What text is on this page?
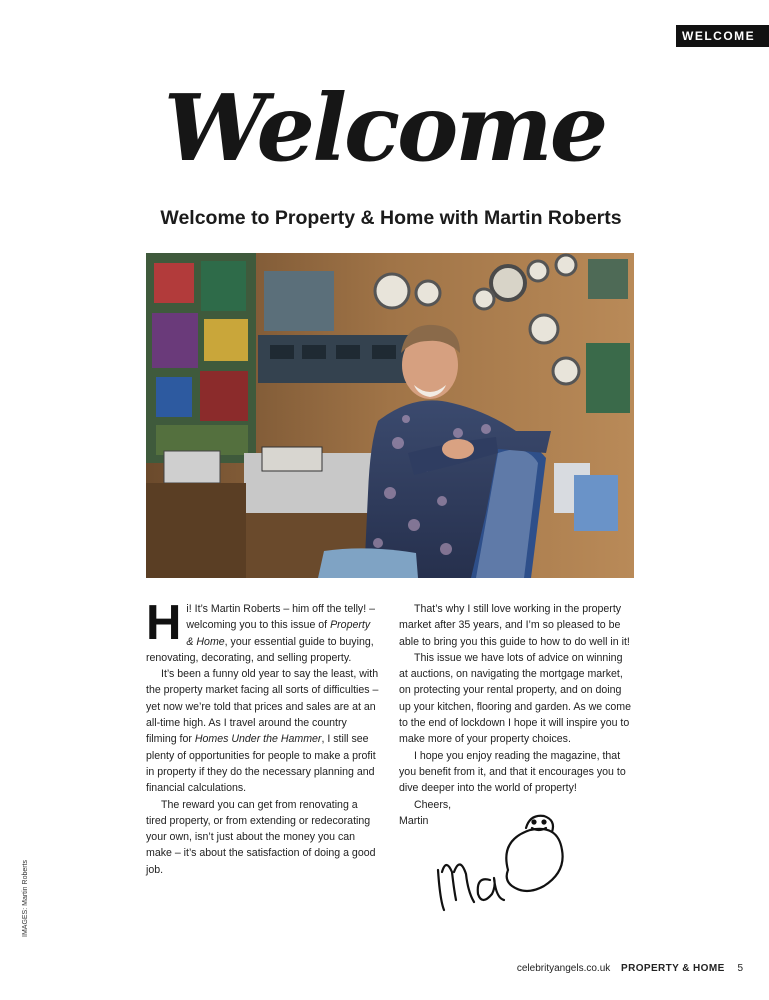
WELCOME
Welcome
Welcome to Property & Home with Martin Roberts

Hi! It’s Martin Roberts – him off the telly! – welcoming you to this issue of Property & Home, your essential guide to buying, renovating, decorating, and selling property.

It’s been a funny old year to say the least, with the property market facing all sorts of difficulties – yet now we’re told that prices and sales are at an all-time high. As I travel around the country filming for Homes Under the Hammer, I still see plenty of opportunities for people to make a profit in property if they do the necessary planning and financial calculations.

The reward you can get from renovating a tired property, or from extending or redecorating your own, isn’t just about the money you can make – it’s about the satisfaction of doing a good job.

That’s why I still love working in the property market after 35 years, and I’m so pleased to be able to bring you this guide to how to do well in it!

This issue we have lots of advice on winning at auctions, on navigating the mortgage market, on protecting your rental property, and on doing up your kitchen, flooring and garden. As we come to the end of lockdown I hope it will inspire you to make more of your property choices.

I hope you enjoy reading the magazine, that you benefit from it, and that it encourages you to dive deeper into the world of property!

Cheers,

Martin

IMAGES: Martin Roberts
celebrityangels.co.uk PROPERTY & HOME 5
